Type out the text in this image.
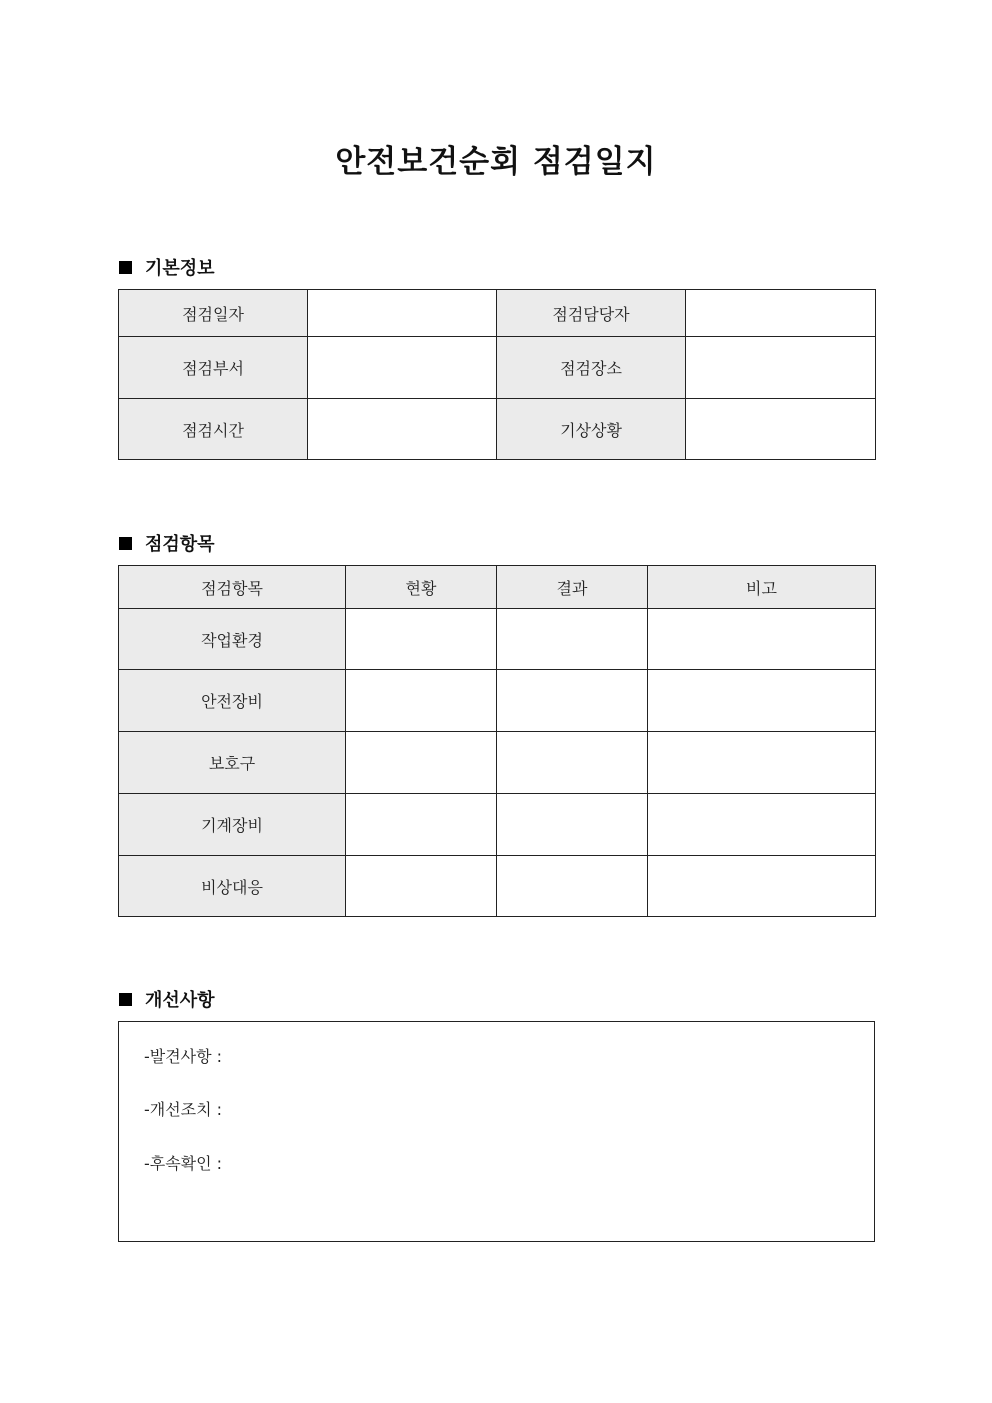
안전보건순회 점검일지
기본정보
점검일자		점검담당자	
점검부서		점검장소	
점검시간		기상상황	
점검항목
점검항목	현황	결과	비고
작업환경			
안전장비			
보호구			
기계장비			
비상대응			
개선사항
-발견사항 :
-개선조치 :
-후속확인 :
